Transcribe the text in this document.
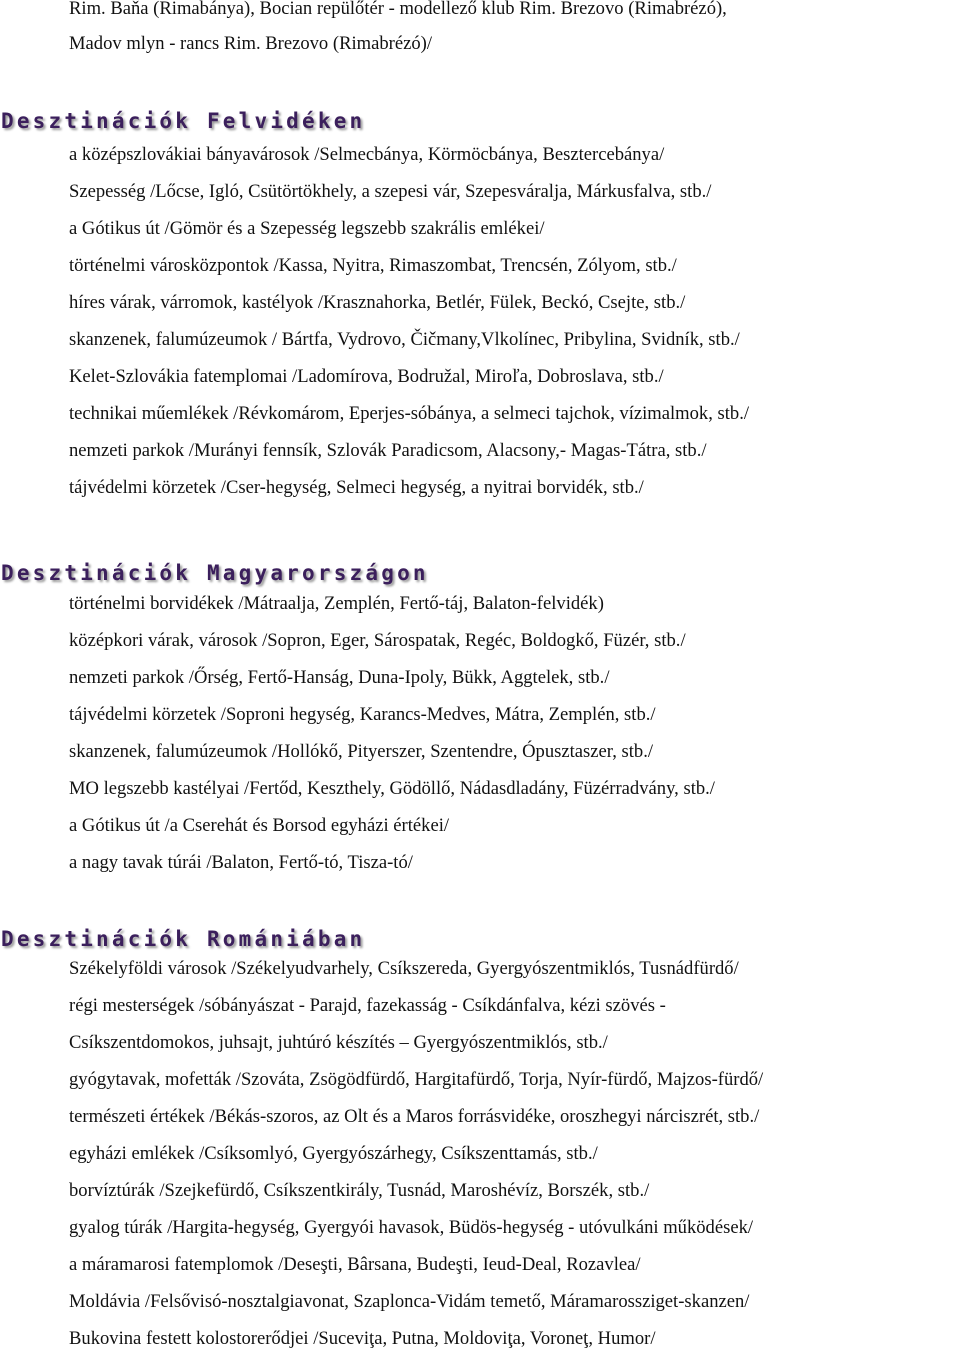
Rim. Baňa (Rimabánya), Bocian repülőtér - modellező klub Rim. Brezovo (Rimabrézó),
Madov mlyn - rancs Rim. Brezovo (Rimabrézó)/
Desztinációk Felvidéken
a középszlovákiai bányavárosok /Selmecbánya, Körmöcbánya, Besztercebánya/
Szepesség /Lőcse, Igló, Csütörtökhely, a szepesi vár, Szepesváralja, Márkusfalva, stb./
a Gótikus út /Gömör és a Szepesség legszebb szakrális emlékei/
történelmi városközpontok /Kassa, Nyitra, Rimaszombat, Trencsén, Zólyom, stb./
híres várak, várromok, kastélyok /Krasznahorka, Betlér, Fülek, Beckó, Csejte, stb./
skanzenek, falumúzeumok / Bártfa, Vydrovo, Čičmany,Vlkolínec, Pribylina, Svidník, stb./
Kelet-Szlovákia fatemplomai /Ladomírova, Bodružal, Miroľa, Dobroslava, stb./
technikai műemlékek /Révkomárom, Eperjes-sóbánya, a selmeci tajchok, vízimalmok, stb./
nemzeti parkok /Murányi fennsík, Szlovák Paradicsom, Alacsony,- Magas-Tátra, stb./
tájvédelmi körzetek /Cser-hegység, Selmeci hegység, a nyitrai borvidék, stb./
Desztinációk Magyarországon
történelmi borvidékek /Mátraalja, Zemplén, Fertő-táj, Balaton-felvidék)
középkori várak, városok /Sopron, Eger, Sárospatak, Regéc, Boldogkő, Füzér, stb./
nemzeti parkok /Őrség, Fertő-Hanság, Duna-Ipoly, Bükk, Aggtelek, stb./
tájvédelmi körzetek /Soproni hegység, Karancs-Medves, Mátra, Zemplén, stb./
skanzenek, falumúzeumok /Hollókő, Pityerszer, Szentendre, Ópusztaszer, stb./
MO legszebb kastélyai /Fertőd, Keszthely, Gödöllő, Nádasdladány, Füzérradvány, stb./
a Gótikus út /a Cserehát és Borsod egyházi értékei/
a nagy tavak túrái /Balaton, Fertő-tó, Tisza-tó/
Desztinációk Romániában
Székelyföldi városok /Székelyudvarhely, Csíkszereda, Gyergyószentmiklós, Tusnádfürdő/
régi mesterségek /sóbányászat - Parajd, fazekasság - Csíkdánfalva, kézi szövés -
Csíkszentdomokos, juhsajt, juhtúró készítés – Gyergyószentmiklós, stb./
gyógytavak, mofetták /Szováta, Zsögödfürdő, Hargitafürdő, Torja, Nyír-fürdő, Majzos-fürdő/
természeti értékek /Békás-szoros, az Olt és a Maros forrásvidéke, oroszhegyi nárciszrét, stb./
egyházi emlékek /Csíksomlyó, Gyergyószárhegy, Csíkszenttamás, stb./
borvíztúrák /Szejkefürdő, Csíkszentkirály, Tusnád, Maroshévíz, Borszék, stb./
gyalog túrák /Hargita-hegység, Gyergyói havasok, Büdös-hegység - utóvulkáni működések/
a máramarosi fatemplomok /Deseşti, Bârsana, Budeşti, Ieud-Deal, Rozavlea/
Moldávia /Felsővisó-nosztalgiavonat, Szaplonca-Vidám temető, Máramarossziget-skanzen/
Bukovina festett kolostorerődjei /Suceviţa, Putna, Moldoviţa, Voroneţ, Humor/
